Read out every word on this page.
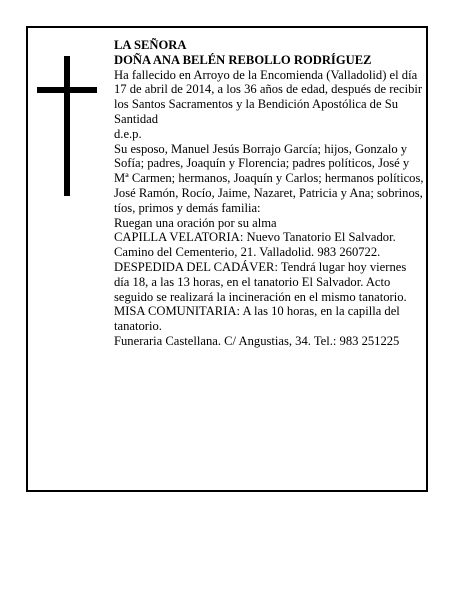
LA SEÑORA

DOÑA ANA BELÉN REBOLLO RODRÍGUEZ

Ha fallecido en Arroyo de la Encomienda (Valladolid) el día 17 de abril de 2014, a los 36 años de edad, después de recibir los Santos Sacramentos y la Bendición Apostólica de Su Santidad

d.e.p.

Su esposo, Manuel Jesús Borrajo García; hijos, Gonzalo y Sofía; padres, Joaquín y Florencia; padres políticos, José y Mª Carmen; hermanos, Joaquín y Carlos; hermanos políticos, José Ramón, Rocío, Jaime, Nazaret, Patricia y Ana; sobrinos, tíos, primos y demás familia:

Ruegan una oración por su alma

CAPILLA VELATORIA: Nuevo Tanatorio El Salvador. Camino del Cementerio, 21. Valladolid. 983 260722.

DESPEDIDA DEL CADÁVER: Tendrá lugar hoy viernes día 18, a las 13 horas, en el tanatorio El Salvador. Acto seguido se realizará la incineración en el mismo tanatorio. MISA COMUNITARIA: A las 10 horas, en la capilla del tanatorio.

Funeraria Castellana. C/ Angustias, 34. Tel.: 983 251225
